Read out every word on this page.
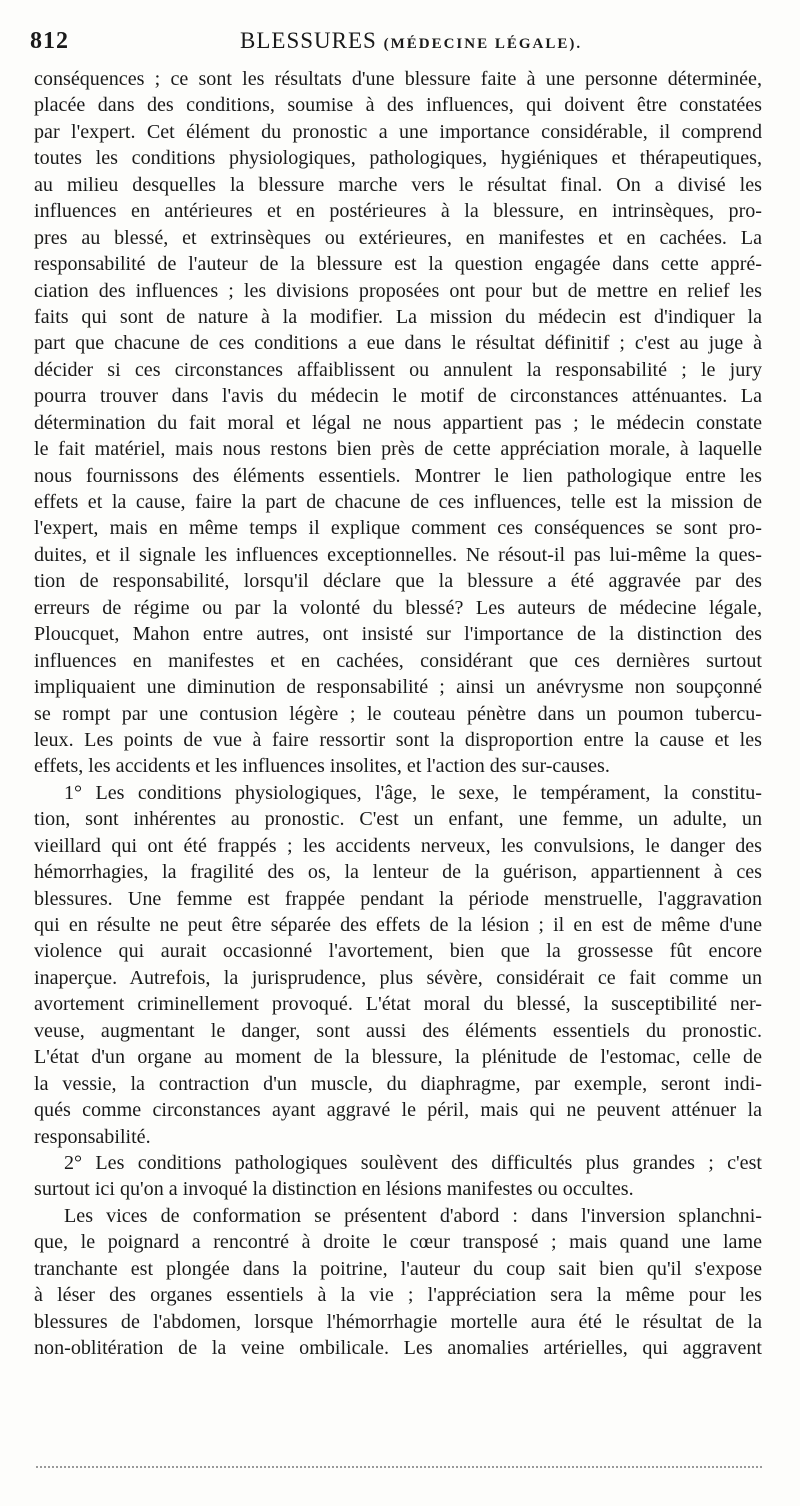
812	BLESSURES (MÉDECINE LÉGALE).
conséquences ; ce sont les résultats d'une blessure faite à une personne déterminée,
placée dans des conditions, soumise à des influences, qui doivent être constatées
par l'expert. Cet élément du pronostic a une importance considérable, il comprend
toutes les conditions physiologiques, pathologiques, hygiéniques et thérapeutiques,
au milieu desquelles la blessure marche vers le résultat final. On a divisé les
influences en antérieures et en postérieures à la blessure, en intrinsèques, pro-
pres au blessé, et extrinsèques ou extérieures, en manifestes et en cachées. La
responsabilité de l'auteur de la blessure est la question engagée dans cette appré-
ciation des influences ; les divisions proposées ont pour but de mettre en relief les
faits qui sont de nature à la modifier. La mission du médecin est d'indiquer la
part que chacune de ces conditions a eue dans le résultat définitif ; c'est au juge à
décider si ces circonstances affaiblissent ou annulent la responsabilité ; le jury
pourra trouver dans l'avis du médecin le motif de circonstances atténuantes. La
détermination du fait moral et légal ne nous appartient pas ; le médecin constate
le fait matériel, mais nous restons bien près de cette appréciation morale, à laquelle
nous fournissons des éléments essentiels. Montrer le lien pathologique entre les
effets et la cause, faire la part de chacune de ces influences, telle est la mission de
l'expert, mais en même temps il explique comment ces conséquences se sont pro-
duites, et il signale les influences exceptionnelles. Ne résout-il pas lui-même la ques-
tion de responsabilité, lorsqu'il déclare que la blessure a été aggravée par des
erreurs de régime ou par la volonté du blessé? Les auteurs de médecine légale,
Ploucquet, Mahon entre autres, ont insisté sur l'importance de la distinction des
influences en manifestes et en cachées, considérant que ces dernières surtout
impliquaient une diminution de responsabilité ; ainsi un anévrysme non soupçonné
se rompt par une contusion légère ; le couteau pénètre dans un poumon tubercu-
leux. Les points de vue à faire ressortir sont la disproportion entre la cause et les
effets, les accidents et les influences insolites, et l'action des sur-causes.
1° Les conditions physiologiques, l'âge, le sexe, le tempérament, la constitu-
tion, sont inhérentes au pronostic. C'est un enfant, une femme, un adulte, un
vieillard qui ont été frappés ; les accidents nerveux, les convulsions, le danger des
hémorrhagies, la fragilité des os, la lenteur de la guérison, appartiennent à ces
blessures. Une femme est frappée pendant la période menstruelle, l'aggravation
qui en résulte ne peut être séparée des effets de la lésion ; il en est de même d'une
violence qui aurait occasionné l'avortement, bien que la grossesse fût encore
inaperçue. Autrefois, la jurisprudence, plus sévère, considérait ce fait comme un
avortement criminellement provoqué. L'état moral du blessé, la susceptibilité ner-
veuse, augmentant le danger, sont aussi des éléments essentiels du pronostic.
L'état d'un organe au moment de la blessure, la plénitude de l'estomac, celle de
la vessie, la contraction d'un muscle, du diaphragme, par exemple, seront indi-
qués comme circonstances ayant aggravé le péril, mais qui ne peuvent atténuer la
responsabilité.
2° Les conditions pathologiques soulèvent des difficultés plus grandes ; c'est
surtout ici qu'on a invoqué la distinction en lésions manifestes ou occultes.
Les vices de conformation se présentent d'abord : dans l'inversion splanchni-
que, le poignard a rencontré à droite le cœur transposé ; mais quand une lame
tranchante est plongée dans la poitrine, l'auteur du coup sait bien qu'il s'expose
à léser des organes essentiels à la vie ; l'appréciation sera la même pour les
blessures de l'abdomen, lorsque l'hémorrhagie mortelle aura été le résultat de la
non-oblitération de la veine ombilicale. Les anomalies artérielles, qui aggravent
